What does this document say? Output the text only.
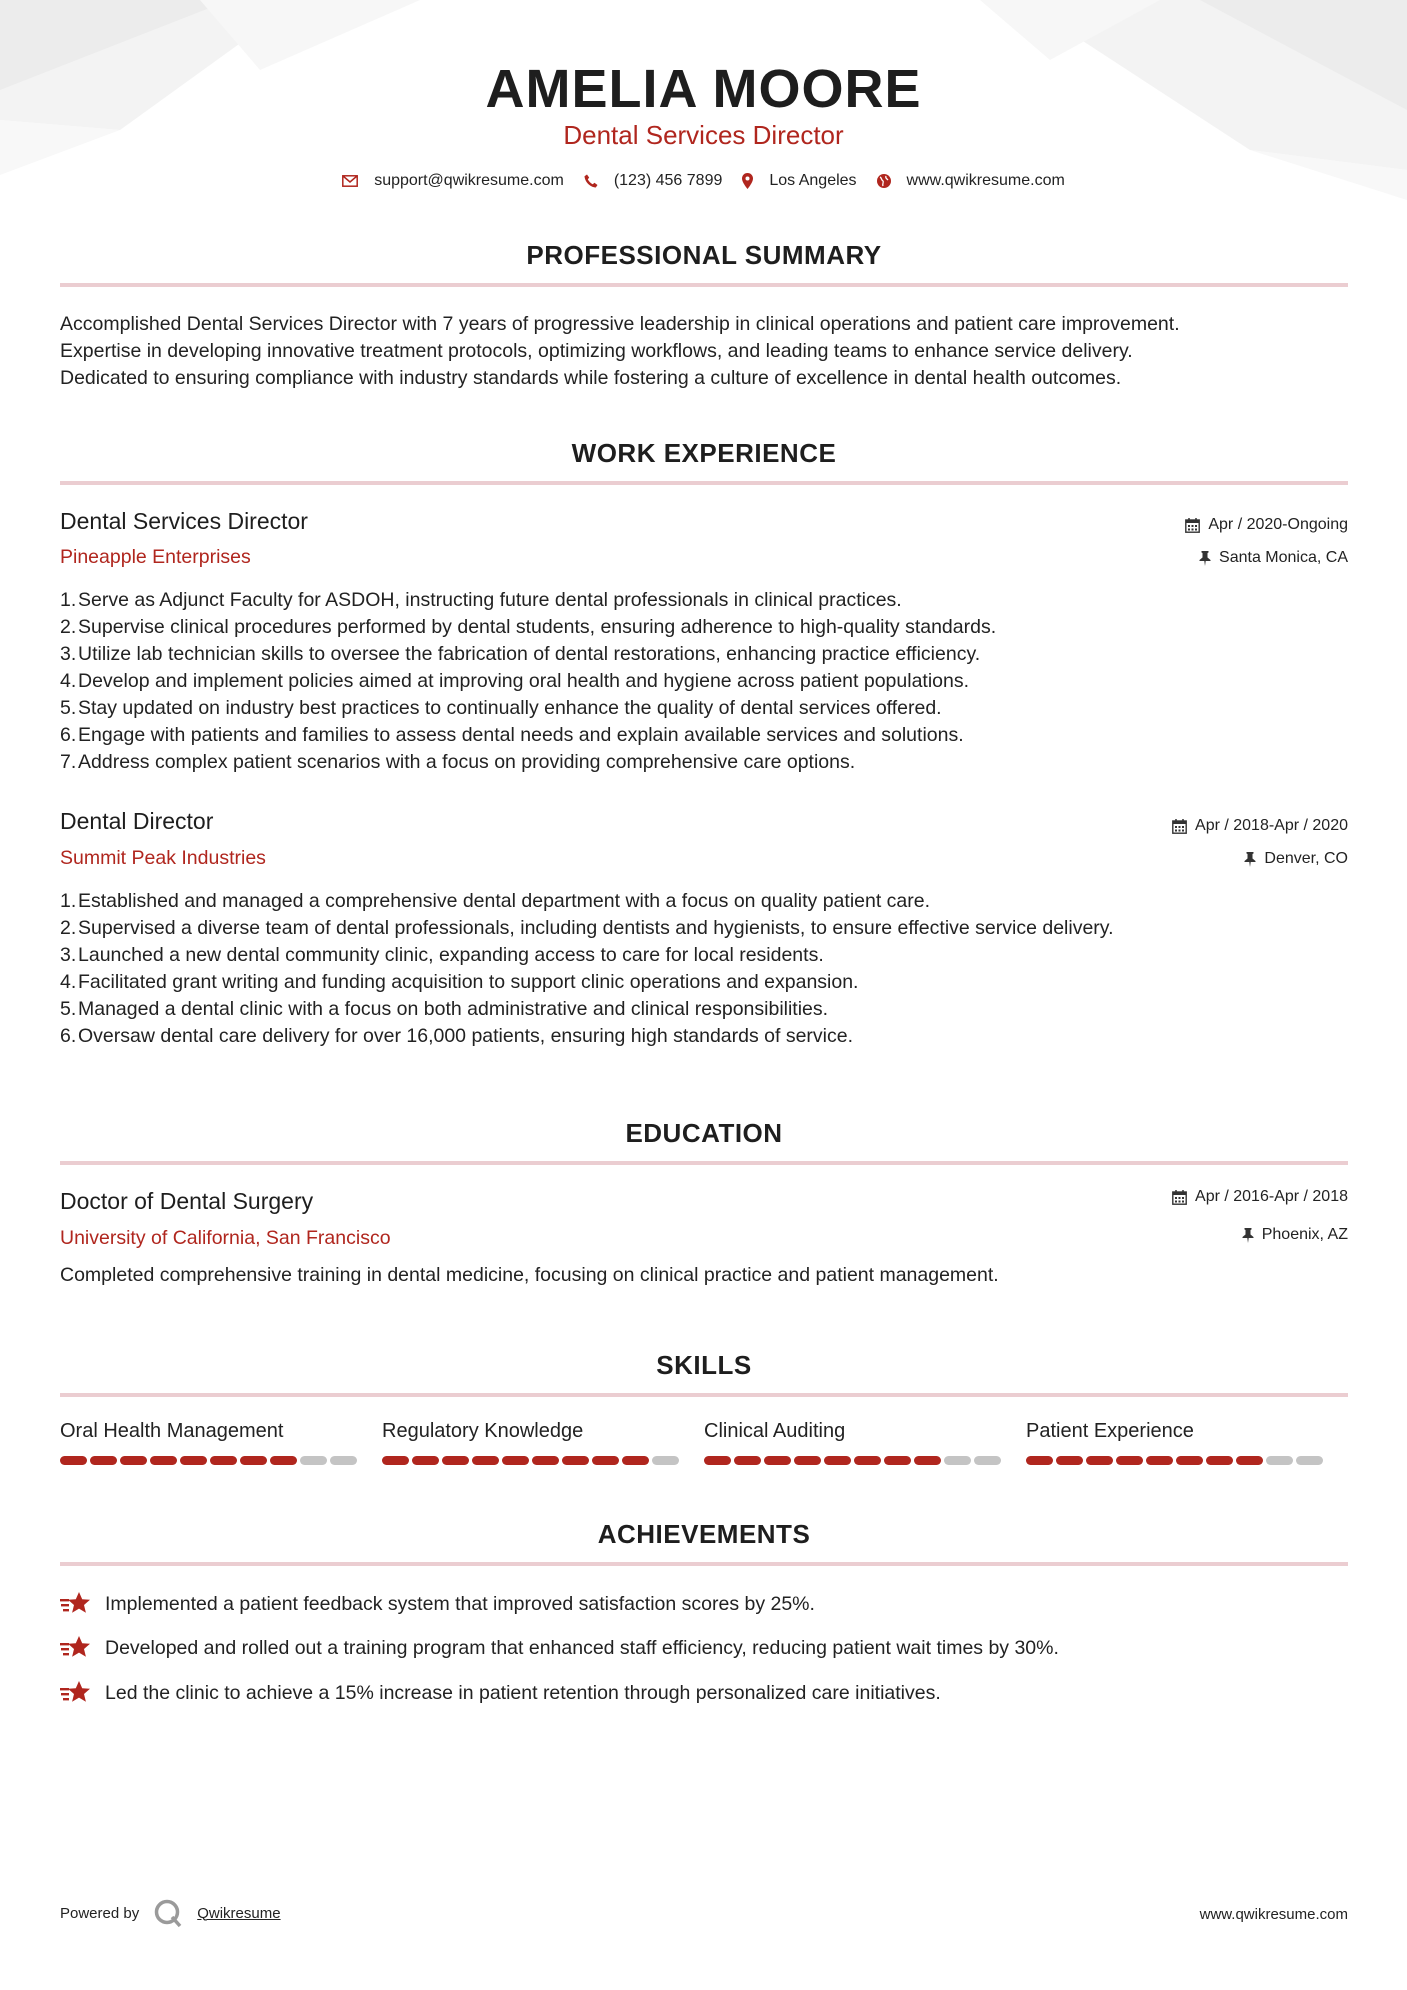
AMELIA MOORE
Dental Services Director
support@qwikresume.com	(123) 456 7899	Los Angeles	www.qwikresume.com
PROFESSIONAL SUMMARY
Accomplished Dental Services Director with 7 years of progressive leadership in clinical operations and patient care improvement.
Expertise in developing innovative treatment protocols, optimizing workflows, and leading teams to enhance service delivery.
Dedicated to ensuring compliance with industry standards while fostering a culture of excellence in dental health outcomes.
WORK EXPERIENCE
Dental Services Director	Apr / 2020-Ongoing
Pineapple Enterprises	Santa Monica, CA
1. Serve as Adjunct Faculty for ASDOH, instructing future dental professionals in clinical practices.
2. Supervise clinical procedures performed by dental students, ensuring adherence to high-quality standards.
3. Utilize lab technician skills to oversee the fabrication of dental restorations, enhancing practice efficiency.
4. Develop and implement policies aimed at improving oral health and hygiene across patient populations.
5. Stay updated on industry best practices to continually enhance the quality of dental services offered.
6. Engage with patients and families to assess dental needs and explain available services and solutions.
7. Address complex patient scenarios with a focus on providing comprehensive care options.
Dental Director	Apr / 2018-Apr / 2020
Summit Peak Industries	Denver, CO
1. Established and managed a comprehensive dental department with a focus on quality patient care.
2. Supervised a diverse team of dental professionals, including dentists and hygienists, to ensure effective service delivery.
3. Launched a new dental community clinic, expanding access to care for local residents.
4. Facilitated grant writing and funding acquisition to support clinic operations and expansion.
5. Managed a dental clinic with a focus on both administrative and clinical responsibilities.
6. Oversaw dental care delivery for over 16,000 patients, ensuring high standards of service.
EDUCATION
Doctor of Dental Surgery	Apr / 2016-Apr / 2018
University of California, San Francisco	Phoenix, AZ
Completed comprehensive training in dental medicine, focusing on clinical practice and patient management.
SKILLS
Oral Health Management	Regulatory Knowledge	Clinical Auditing	Patient Experience
ACHIEVEMENTS
Implemented a patient feedback system that improved satisfaction scores by 25%.
Developed and rolled out a training program that enhanced staff efficiency, reducing patient wait times by 30%.
Led the clinic to achieve a 15% increase in patient retention through personalized care initiatives.
Powered by	Qwikresume	www.qwikresume.com
